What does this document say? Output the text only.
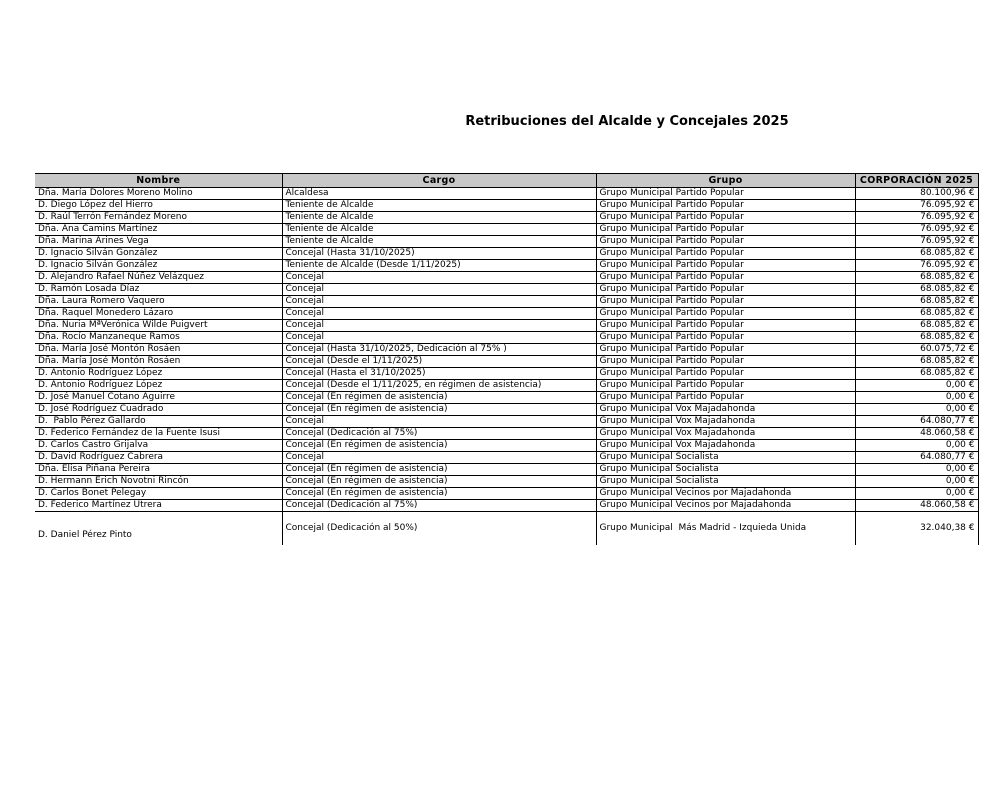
Retribuciones del Alcalde y Concejales 2025
Nombre	Cargo	Grupo	CORPORACIÓN 2025
Dña. María Dolores Moreno Molino	Alcaldesa	Grupo Municipal Partido Popular	80.100,96 €
D. Diego López del Hierro	Teniente de Alcalde	Grupo Municipal Partido Popular	76.095,92 €
D. Raúl Terrón Fernández Moreno	Teniente de Alcalde	Grupo Municipal Partido Popular	76.095,92 €
Dña. Ana Camins Martínez	Teniente de Alcalde	Grupo Municipal Partido Popular	76.095,92 €
Dña. Marina Arines Vega	Teniente de Alcalde	Grupo Municipal Partido Popular	76.095,92 €
D. Ignacio Silván González	Concejal (Hasta 31/10/2025)	Grupo Municipal Partido Popular	68.085,82 €
D. Ignacio Silván González	Teniente de Alcalde (Desde 1/11/2025)	Grupo Municipal Partido Popular	76.095,92 €
D. Alejandro Rafael Núñez Velázquez	Concejal	Grupo Municipal Partido Popular	68.085,82 €
D. Ramón Losada Díaz	Concejal	Grupo Municipal Partido Popular	68.085,82 €
Dña. Laura Romero Vaquero	Concejal	Grupo Municipal Partido Popular	68.085,82 €
Dña. Raquel Monedero Lázaro	Concejal	Grupo Municipal Partido Popular	68.085,82 €
Dña. Nuria MªVerónica Wilde Puigvert	Concejal	Grupo Municipal Partido Popular	68.085,82 €
Dña. Rocío Manzaneque Ramos	Concejal	Grupo Municipal Partido Popular	68.085,82 €
Dña. María José Montón Rosáen	Concejal (Hasta 31/10/2025, Dedicación al 75% )	Grupo Municipal Partido Popular	60.075,72 €
Dña. María José Montón Rosáen	Concejal (Desde el 1/11/2025)	Grupo Municipal Partido Popular	68.085,82 €
D. Antonio Rodríguez López	Concejal (Hasta el 31/10/2025)	Grupo Municipal Partido Popular	68.085,82 €
D. Antonio Rodríguez López	Concejal (Desde el 1/11/2025, en régimen de asistencia)	Grupo Municipal Partido Popular	0,00 €
D. José Manuel Cotano Aguirre	Concejal (En régimen de asistencia)	Grupo Municipal Partido Popular	0,00 €
D. José Rodríguez Cuadrado	Concejal (En régimen de asistencia)	Grupo Municipal Vox Majadahonda	0,00 €
D.  Pablo Pérez Gallardo	Concejal	Grupo Municipal Vox Majadahonda	64.080,77 €
D. Federico Fernández de la Fuente Isusi	Concejal (Dedicación al 75%)	Grupo Municipal Vox Majadahonda	48.060,58 €
D. Carlos Castro Grijalva	Concejal (En régimen de asistencia)	Grupo Municipal Vox Majadahonda	0,00 €
D. David Rodríguez Cabrera	Concejal	Grupo Municipal Socialista	64.080,77 €
Dña. Elisa Piñana Pereira	Concejal (En régimen de asistencia)	Grupo Municipal Socialista	0,00 €
D. Hermann Erich Novotni Rincón	Concejal (En régimen de asistencia)	Grupo Municipal Socialista	0,00 €
D. Carlos Bonet Pelegay	Concejal (En régimen de asistencia)	Grupo Municipal Vecinos por Majadahonda	0,00 €
D. Federico Martínez Utrera	Concejal (Dedicación al 75%)	Grupo Municipal Vecinos por Majadahonda	48.060,58 €
D. Daniel Pérez Pinto	Concejal (Dedicación al 50%)	Grupo Municipal  Más Madrid - Izquieda Unida	32.040,38 €
